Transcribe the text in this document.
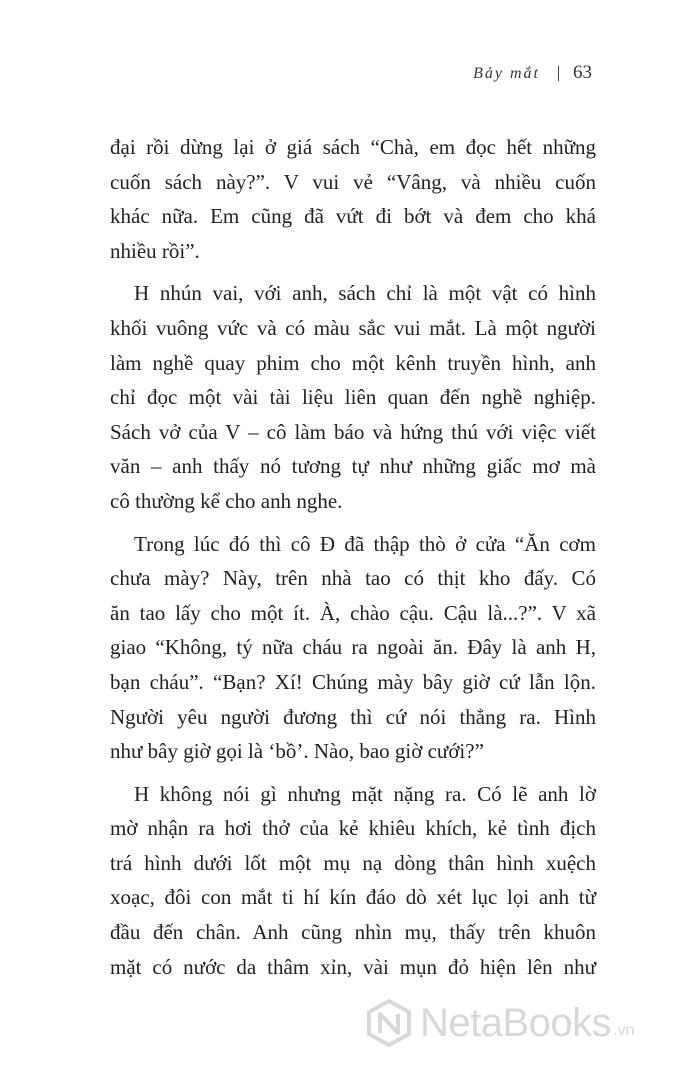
Bảy mắt 63
đại rồi dừng lại ở giá sách “Chà, em đọc hết những
cuốn sách này?”. V vui vẻ “Vâng, và nhiều cuốn
khác nữa. Em cũng đã vứt đi bớt và đem cho khá
nhiều rồi”.
H nhún vai, với anh, sách chỉ là một vật có hình
khối vuông vức và có màu sắc vui mắt. Là một người
làm nghề quay phim cho một kênh truyền hình, anh
chỉ đọc một vài tài liệu liên quan đến nghề nghiệp.
Sách vở của V – cô làm báo và hứng thú với việc viết
văn – anh thấy nó tương tự như những giấc mơ mà
cô thường kể cho anh nghe.
Trong lúc đó thì cô Đ đã thập thò ở cửa “Ăn cơm
chưa mày? Này, trên nhà tao có thịt kho đấy. Có
ăn tao lấy cho một ít. À, chào cậu. Cậu là...?”. V xã
giao “Không, tý nữa cháu ra ngoài ăn. Đây là anh H,
bạn cháu”. “Bạn? Xí! Chúng mày bây giờ cứ lẫn lộn.
Người yêu người đương thì cứ nói thẳng ra. Hình
như bây giờ gọi là ‘bồ’. Nào, bao giờ cưới?”
H không nói gì nhưng mặt nặng ra. Có lẽ anh lờ
mờ nhận ra hơi thở của kẻ khiêu khích, kẻ tình địch
trá hình dưới lốt một mụ nạ dòng thân hình xuệch
xoạc, đôi con mắt ti hí kín đáo dò xét lục lọi anh từ
đầu đến chân. Anh cũng nhìn mụ, thấy trên khuôn
mặt có nước da thâm xỉn, vài mụn đỏ hiện lên như
NetaBooks .vn
